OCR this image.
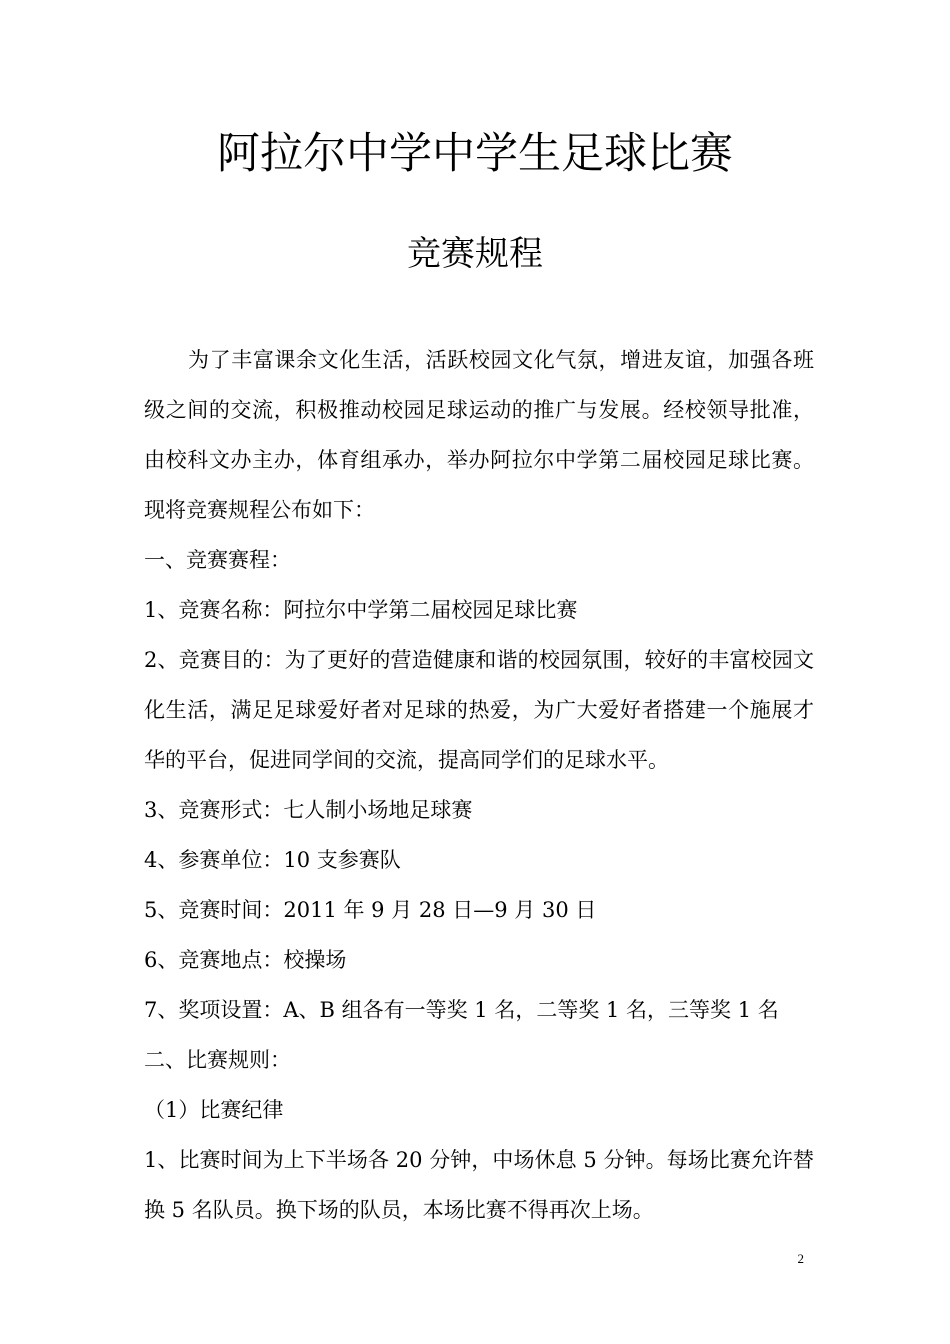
阿拉尔中学中学生足球比赛
竞赛规程

为了丰富课余文化生活，活跃校园文化气氛，增进友谊，加强各班级之间的交流，积极推动校园足球运动的推广与发展。经校领导批准，由校科文办主办，体育组承办，举办阿拉尔中学第二届校园足球比赛。现将竞赛规程公布如下：

一、竞赛赛程：

1、竞赛名称：阿拉尔中学第二届校园足球比赛

2、竞赛目的：为了更好的营造健康和谐的校园氛围，较好的丰富校园文化生活，满足足球爱好者对足球的热爱，为广大爱好者搭建一个施展才华的平台，促进同学间的交流，提高同学们的足球水平。

3、竞赛形式：七人制小场地足球赛

4、参赛单位：10 支参赛队

5、竞赛时间：2011 年 9 月 28 日—9 月 30 日

6、竞赛地点：校操场

7、奖项设置：A、B 组各有一等奖 1 名，二等奖 1 名，三等奖 1 名

二、比赛规则：

（1）比赛纪律

1、比赛时间为上下半场各 20 分钟，中场休息 5 分钟。每场比赛允许替换 5 名队员。换下场的队员，本场比赛不得再次上场。

2
